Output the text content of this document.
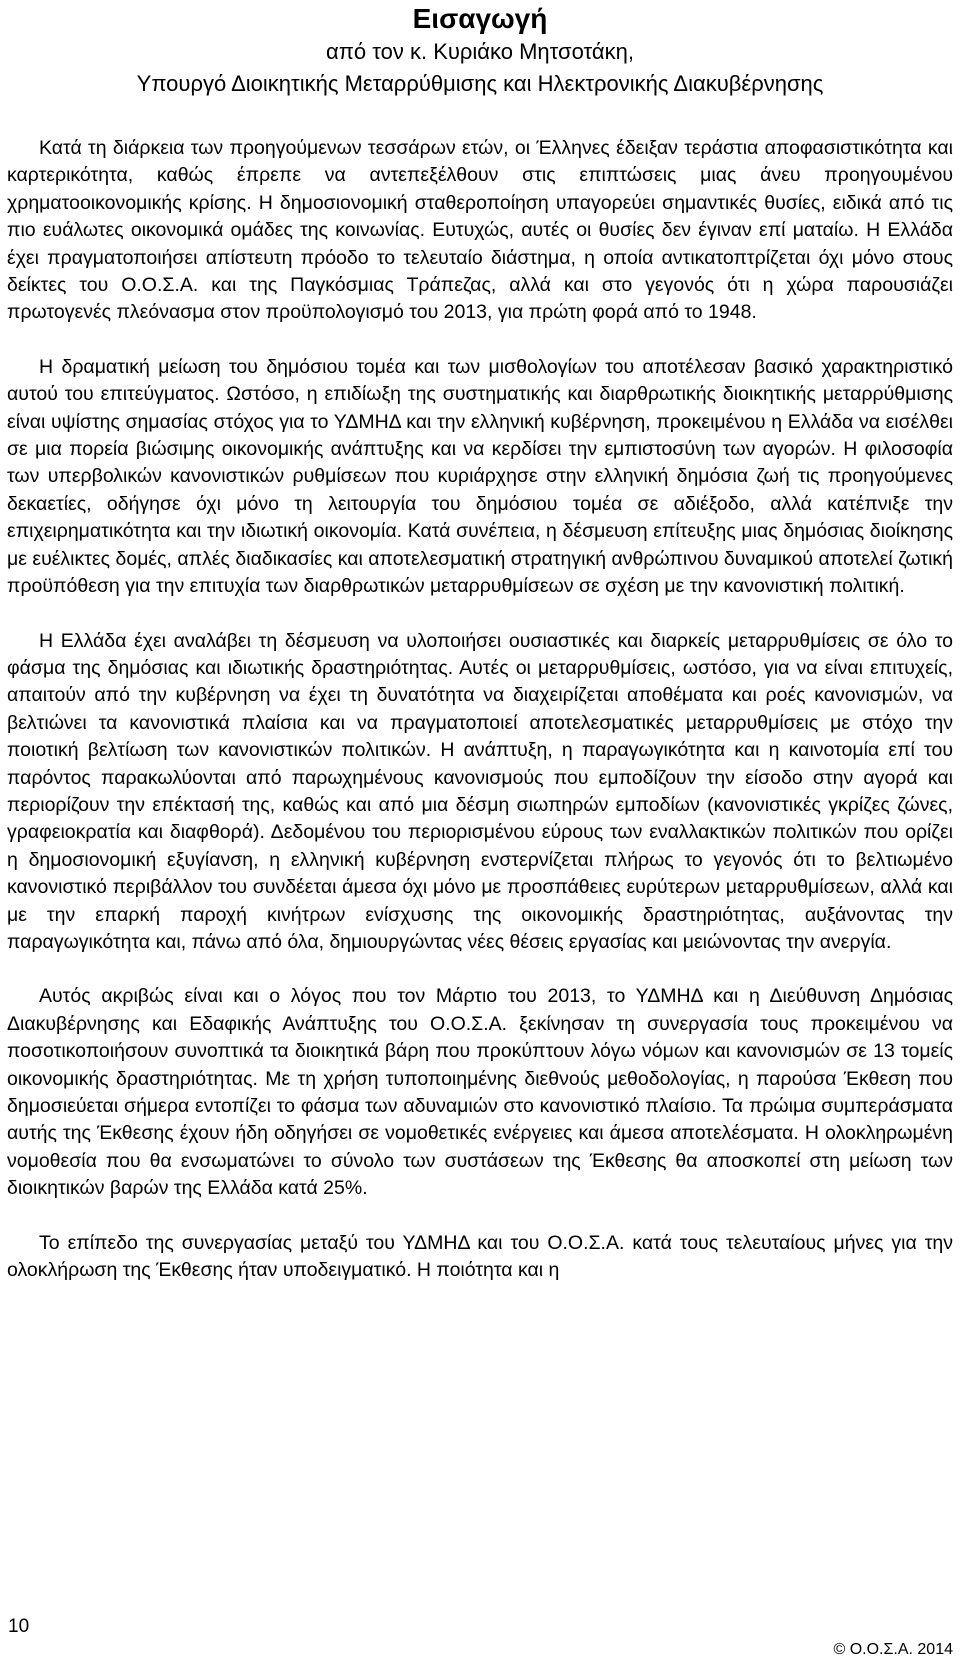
Εισαγωγή

από τον κ. Κυριάκο Μητσοτάκη,

Υπουργό Διοικητικής Μεταρρύθμισης και Ηλεκτρονικής Διακυβέρνησης

Κατά τη διάρκεια των προηγούμενων τεσσάρων ετών, οι Έλληνες έδειξαν τεράστια αποφασιστικότητα και καρτερικότητα, καθώς έπρεπε να αντεπεξέλθουν στις επιπτώσεις μιας άνευ προηγουμένου χρηματοοικονομικής κρίσης. Η δημοσιονομική σταθεροποίηση υπαγορεύει σημαντικές θυσίες, ειδικά από τις πιο ευάλωτες οικονομικά ομάδες της κοινωνίας. Ευτυχώς, αυτές οι θυσίες δεν έγιναν επί ματαίω. Η Ελλάδα έχει πραγματοποιήσει απίστευτη πρόοδο το τελευταίο διάστημα, η οποία αντικατοπτρίζεται όχι μόνο στους δείκτες του Ο.Ο.Σ.Α. και της Παγκόσμιας Τράπεζας, αλλά και στο γεγονός ότι η χώρα παρουσιάζει πρωτογενές πλεόνασμα στον προϋπολογισμό του 2013, για πρώτη φορά από το 1948.

Η δραματική μείωση του δημόσιου τομέα και των μισθολογίων του αποτέλεσαν βασικό χαρακτηριστικό αυτού του επιτεύγματος. Ωστόσο, η επιδίωξη της συστηματικής και διαρθρωτικής διοικητικής μεταρρύθμισης είναι υψίστης σημασίας στόχος για το ΥΔΜΗΔ και την ελληνική κυβέρνηση, προκειμένου η Ελλάδα να εισέλθει σε μια πορεία βιώσιμης οικονομικής ανάπτυξης και να κερδίσει την εμπιστοσύνη των αγορών. Η φιλοσοφία των υπερβολικών κανονιστικών ρυθμίσεων που κυριάρχησε στην ελληνική δημόσια ζωή τις προηγούμενες δεκαετίες, οδήγησε όχι μόνο τη λειτουργία του δημόσιου τομέα σε αδιέξοδο, αλλά κατέπνιξε την επιχειρηματικότητα και την ιδιωτική οικονομία. Κατά συνέπεια, η δέσμευση επίτευξης μιας δημόσιας διοίκησης με ευέλικτες δομές, απλές διαδικασίες και αποτελεσματική στρατηγική ανθρώπινου δυναμικού αποτελεί ζωτική προϋπόθεση για την επιτυχία των διαρθρωτικών μεταρρυθμίσεων σε σχέση με την κανονιστική πολιτική.

Η Ελλάδα έχει αναλάβει τη δέσμευση να υλοποιήσει ουσιαστικές και διαρκείς μεταρρυθμίσεις σε όλο το φάσμα της δημόσιας και ιδιωτικής δραστηριότητας. Αυτές οι μεταρρυθμίσεις, ωστόσο, για να είναι επιτυχείς, απαιτούν από την κυβέρνηση να έχει τη δυνατότητα να διαχειρίζεται αποθέματα και ροές κανονισμών, να βελτιώνει τα κανονιστικά πλαίσια και να πραγματοποιεί αποτελεσματικές μεταρρυθμίσεις με στόχο την ποιοτική βελτίωση των κανονιστικών πολιτικών. Η ανάπτυξη, η παραγωγικότητα και η καινοτομία επί του παρόντος παρακωλύονται από παρωχημένους κανονισμούς που εμποδίζουν την είσοδο στην αγορά και περιορίζουν την επέκτασή της, καθώς και από μια δέσμη σιωπηρών εμποδίων (κανονιστικές γκρίζες ζώνες, γραφειοκρατία και διαφθορά). Δεδομένου του περιορισμένου εύρους των εναλλακτικών πολιτικών που ορίζει η δημοσιονομική εξυγίανση, η ελληνική κυβέρνηση ενστερνίζεται πλήρως το γεγονός ότι το βελτιωμένο κανονιστικό περιβάλλον του συνδέεται άμεσα όχι μόνο με προσπάθειες ευρύτερων μεταρρυθμίσεων, αλλά και με την επαρκή παροχή κινήτρων ενίσχυσης της οικονομικής δραστηριότητας, αυξάνοντας την παραγωγικότητα και, πάνω από όλα, δημιουργώντας νέες θέσεις εργασίας και μειώνοντας την ανεργία.

Αυτός ακριβώς είναι και ο λόγος που τον Μάρτιο του 2013, το ΥΔΜΗΔ και η Διεύθυνση Δημόσιας Διακυβέρνησης και Εδαφικής Ανάπτυξης του Ο.Ο.Σ.Α. ξεκίνησαν τη συνεργασία τους προκειμένου να ποσοτικοποιήσουν συνοπτικά τα διοικητικά βάρη που προκύπτουν λόγω νόμων και κανονισμών σε 13 τομείς οικονομικής δραστηριότητας. Με τη χρήση τυποποιημένης διεθνούς μεθοδολογίας, η παρούσα Έκθεση που δημοσιεύεται σήμερα εντοπίζει το φάσμα των αδυναμιών στο κανονιστικό πλαίσιο. Τα πρώιμα συμπεράσματα αυτής της Έκθεσης έχουν ήδη οδηγήσει σε νομοθετικές ενέργειες και άμεσα αποτελέσματα. Η ολοκληρωμένη νομοθεσία που θα ενσωματώνει το σύνολο των συστάσεων της Έκθεσης θα αποσκοπεί στη μείωση των διοικητικών βαρών της Ελλάδα κατά 25%.

Το επίπεδο της συνεργασίας μεταξύ του ΥΔΜΗΔ και του Ο.Ο.Σ.Α. κατά τους τελευταίους μήνες για την ολοκλήρωση της Έκθεσης ήταν υποδειγματικό. Η ποιότητα και η

10
© Ο.Ο.Σ.Α. 2014
